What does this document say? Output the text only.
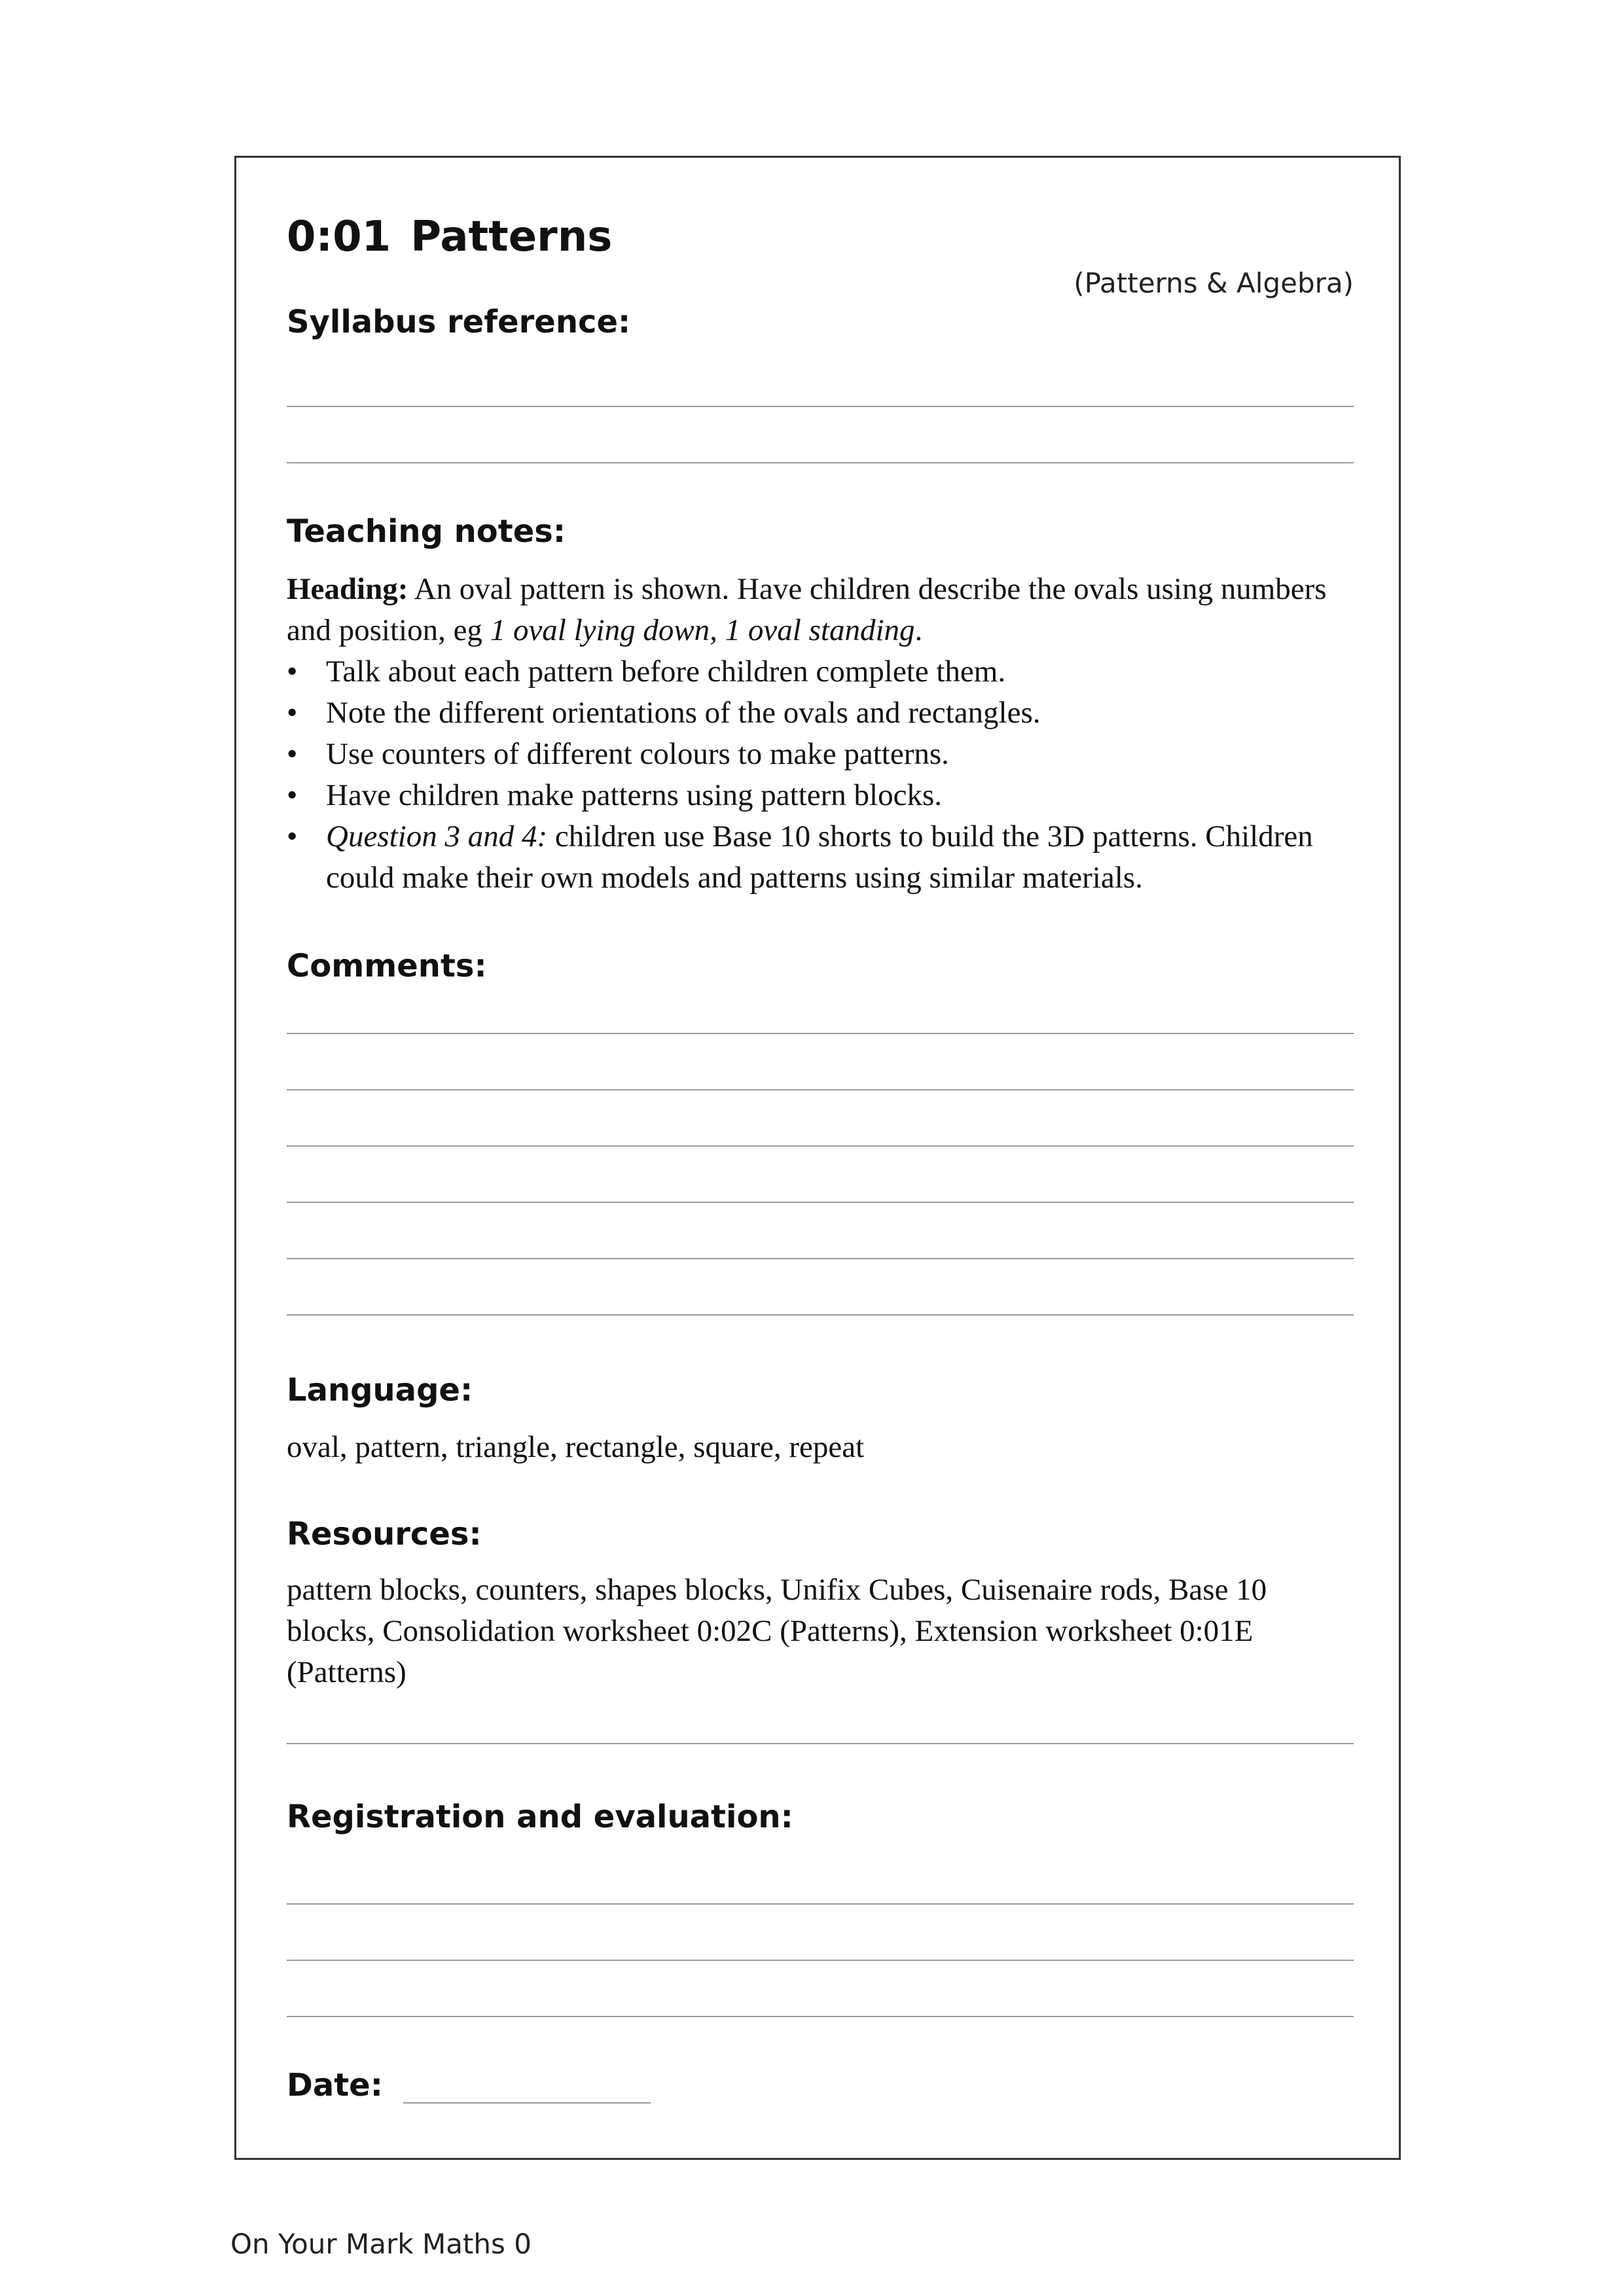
0:01 Patterns
(Patterns & Algebra)
Syllabus reference:
Teaching notes:

Heading: An oval pattern is shown. Have children describe the ovals using numbers and position, eg 1 oval lying down, 1 oval standing.

• Talk about each pattern before children complete them.
• Note the different orientations of the ovals and rectangles.
• Use counters of different colours to make patterns.
• Have children make patterns using pattern blocks.
• Question 3 and 4: children use Base 10 shorts to build the 3D patterns. Children could make their own models and patterns using similar materials.
Comments:
Language:
oval, pattern, triangle, rectangle, square, repeat
Resources:
pattern blocks, counters, shapes blocks, Unifix Cubes, Cuisenaire rods, Base 10 blocks, Consolidation worksheet 0:02C (Patterns), Extension worksheet 0:01E (Patterns)
Registration and evaluation:
Date:
On Your Mark Maths 0
